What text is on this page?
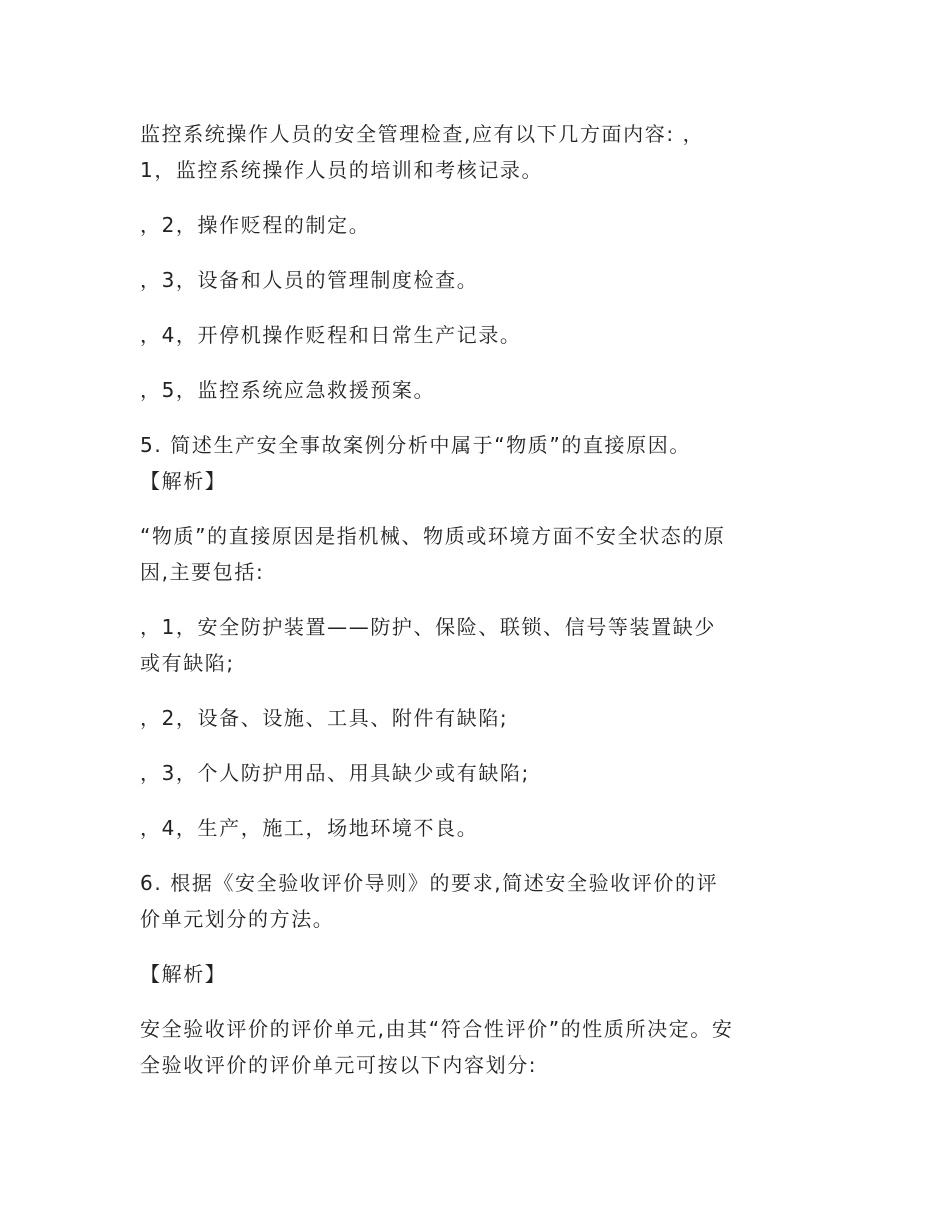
监控系统操作人员的安全管理检查,应有以下几方面内容: ，
1，监控系统操作人员的培训和考核记录。
，2，操作贬程的制定。
，3，设备和人员的管理制度检查。
，4，开停机操作贬程和日常生产记录。
，5，监控系统应急救援预案。
5. 简述生产安全事故案例分析中属于“物质”的直接原因。
【解析】
“物质”的直接原因是指机械、物质或环境方面不安全状态的原
因,主要包括:
，1，安全防护装置——防护、保险、联锁、信号等装置缺少
或有缺陷;
，2，设备、设施、工具、附件有缺陷;
，3，个人防护用品、用具缺少或有缺陷;
，4，生产，施工，场地环境不良。
6. 根据《安全验收评价导则》的要求,简述安全验收评价的评
价单元划分的方法。
【解析】
安全验收评价的评价单元,由其“符合性评价”的性质所决定。安
全验收评价的评价单元可按以下内容划分:
